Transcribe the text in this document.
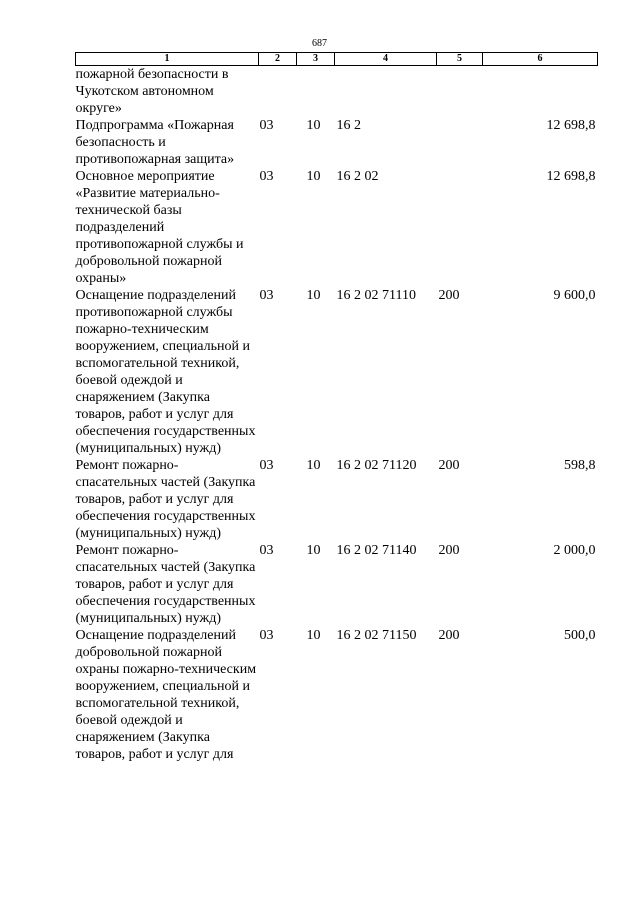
687
1	2	3	4	5	6
пожарной безопасности в Чукотском автономном округе»					
Подпрограмма «Пожарная безопасность и противопожарная защита»	03	10	16 2		12 698,8
Основное мероприятие «Развитие материально-технической базы подразделений противопожарной службы и добровольной пожарной охраны»	03	10	16 2 02		12 698,8
Оснащение подразделений противопожарной службы пожарно-техническим вооружением, специальной и вспомогательной техникой, боевой одеждой и снаряжением (Закупка товаров, работ и услуг для обеспечения государственных (муниципальных) нужд)	03	10	16 2 02 71110	200	9 600,0
Ремонт пожарно-спасательных частей (Закупка товаров, работ и услуг для обеспечения государственных (муниципальных) нужд)	03	10	16 2 02 71120	200	598,8
Ремонт пожарно-спасательных частей (Закупка товаров, работ и услуг для обеспечения государственных (муниципальных) нужд)	03	10	16 2 02 71140	200	2 000,0
Оснащение подразделений добровольной пожарной охраны пожарно-техническим вооружением, специальной и вспомогательной техникой, боевой одеждой и снаряжением (Закупка товаров, работ и услуг для	03	10	16 2 02 71150	200	500,0
